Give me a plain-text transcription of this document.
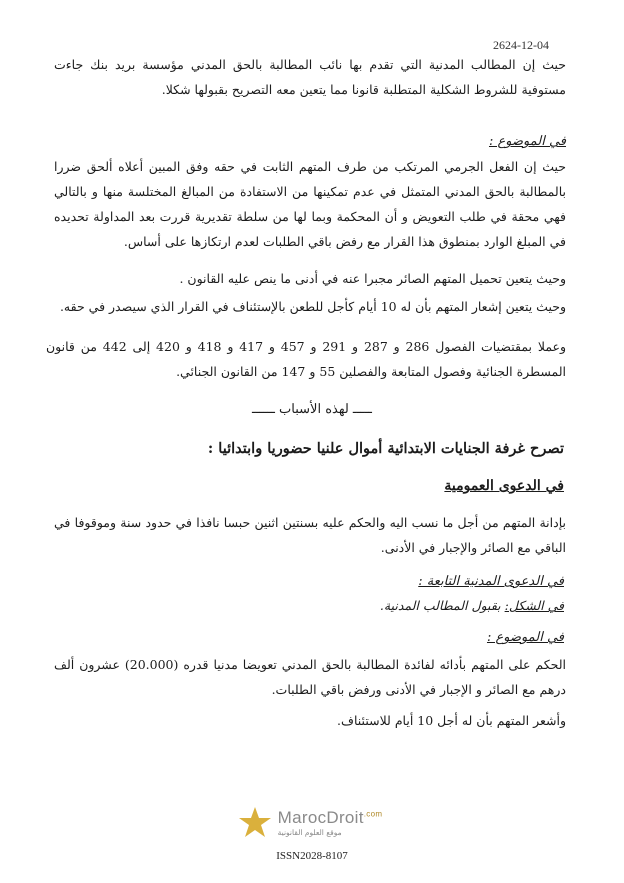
2624-12-04

حيث إن المطالب المدنية التي تقدم بها نائب المطالبة بالحق المدني مؤسسة بريد بنك جاءت مستوفية للشروط الشكلية المتطلبة قانونا مما يتعين معه التصريح بقبولها شكلا.

في الموضوع :

حيث إن الفعل الجرمي المرتكب من طرف المتهم الثابت في حقه وفق المبين أعلاه ألحق ضررا بالمطالبة بالحق المدني المتمثل في عدم تمكينها من الاستفادة من المبالغ المختلسة منها و بالتالي فهي محقة في طلب التعويض و أن المحكمة وبما لها من سلطة تقديرية قررت بعد المداولة تحديده في المبلغ الوارد بمنطوق هذا القرار مع رفض باقي الطلبات لعدم ارتكازها على أساس.

وحيث يتعين تحميل المتهم الصائر مجبرا عنه في أدنى ما ينص عليه القانون .

وحيث يتعين إشعار المتهم بأن له 10 أيام كأجل للطعن بالإستئناف في القرار الذي سيصدر في حقه.

وعملا بمقتضيات الفصول 286 و 287 و 291 و 457 و 417 و 418 و 420 إلى 442 من قانون المسطرة الجنائية وفصول المتابعة والفصلين 55 و 147 من القانون الجنائي.

ـــــ لهذه الأسباب ــــــ

تصرح غرفة الجنايات الابتدائية أموال علنيا حضوريا وابتدائيا :

في الدعوى العمومية

بإدانة المتهم من أجل ما نسب اليه والحكم عليه بسنتين اثنين حبسا نافذا في حدود سنة وموقوفا في الباقي مع الصائر والإجبار في الأدنى.

في الدعوى المدنية التابعة :

في الشكل: بقبول المطالب المدنية.

في الموضوع :

الحكم على المتهم بأدائه لفائدة المطالبة بالحق المدني تعويضا مدنيا قدره (20.000) عشرون ألف درهم مع الصائر و الإجبار في الأدنى ورفض باقي الطلبات.

وأشعر المتهم بأن له أجل 10 أيام للاستئناف.

MarocDroit$^{.com}$
موقع العلوم القانونية
ISSN2028-8107
